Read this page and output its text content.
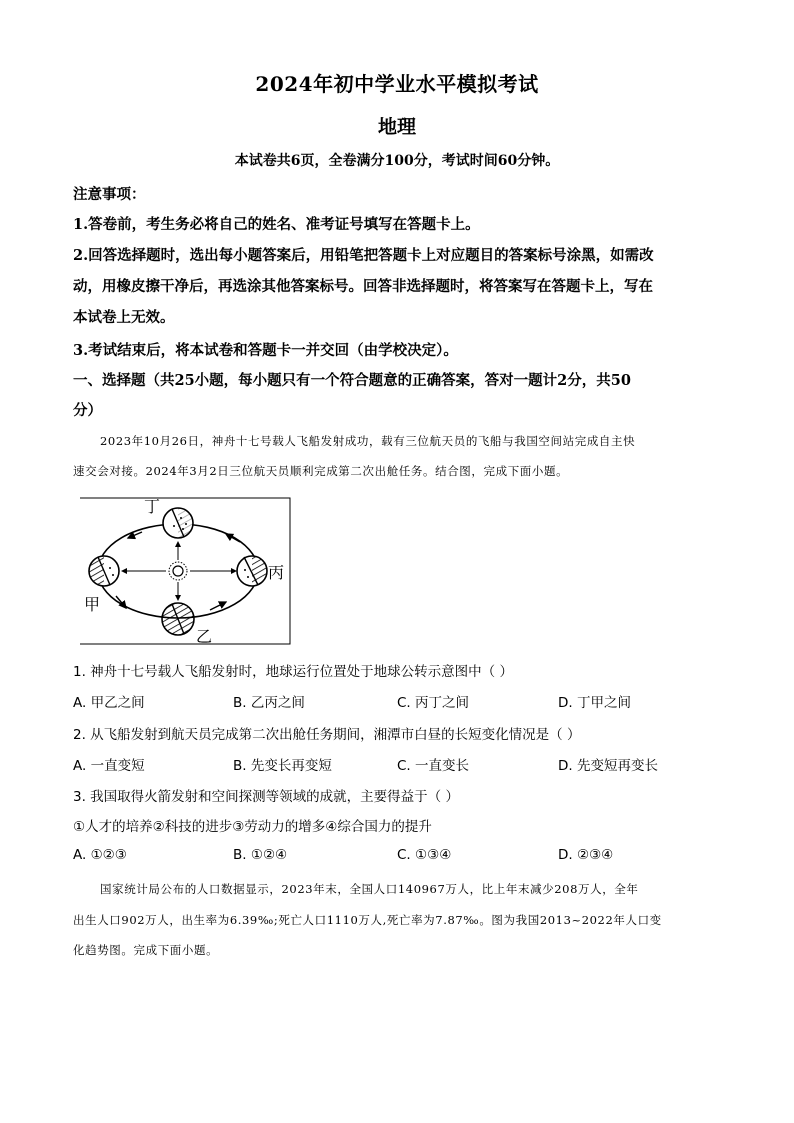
2024年初中学业水平模拟考试
地理
本试卷共6页，全卷满分100分，考试时间60分钟。
注意事项：
1.答卷前，考生务必将自己的姓名、准考证号填写在答题卡上。
2.回答选择题时，选出每小题答案后，用铅笔把答题卡上对应题目的答案标号涂黑，如需改
动，用橡皮擦干净后，再选涂其他答案标号。回答非选择题时，将答案写在答题卡上，写在
本试卷上无效。
3.考试结束后，将本试卷和答题卡一并交回（由学校决定）。
一、选择题（共25小题，每小题只有一个符合题意的正确答案，答对一题计2分，共50
分）
2023年10月26日，神舟十七号载人飞船发射成功，载有三位航天员的飞船与我国空间站完成自主快
速交会对接。2024年3月2日三位航天员顺利完成第二次出舱任务。结合图，完成下面小题。
丁
丙
甲
乙
1. 神舟十七号载人飞船发射时，地球运行位置处于地球公转示意图中（ ）
A. 甲乙之间	B. 乙丙之间	C. 丙丁之间	D. 丁甲之间
2. 从飞船发射到航天员完成第二次出舱任务期间，湘潭市白昼的长短变化情况是（ ）
A. 一直变短	B. 先变长再变短	C. 一直变长	D. 先变短再变长
3. 我国取得火箭发射和空间探测等领域的成就，主要得益于（ ）
①人才的培养②科技的进步③劳动力的增多④综合国力的提升
A. ①②③	B. ①②④	C. ①③④	D. ②③④
国家统计局公布的人口数据显示，2023年末，全国人口140967万人，比上年末减少208万人，全年
出生人口902万人，出生率为6.39‰;死亡人口1110万人,死亡率为7.87‰。图为我国2013~2022年人口变
化趋势图。完成下面小题。
